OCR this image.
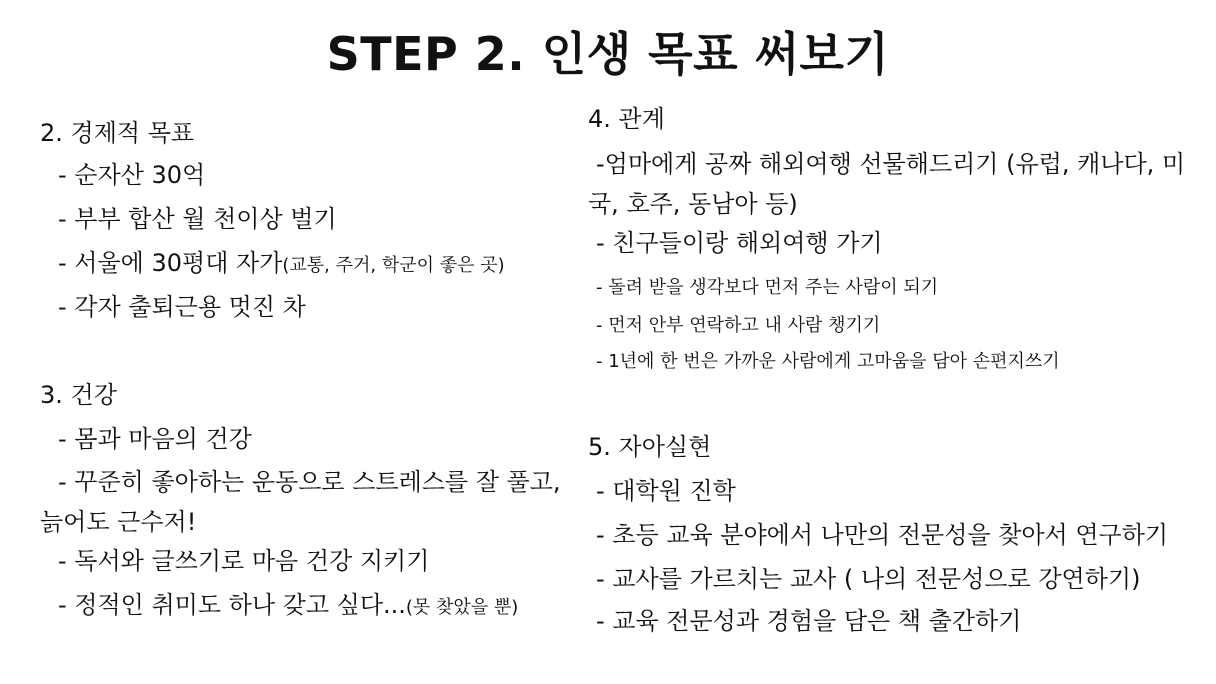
STEP 2. 인생 목표 써보기
2. 경제적 목표
- 순자산 30억
- 부부 합산 월 천이상 벌기
- 서울에 30평대 자가(교통, 주거, 학군이 좋은 곳)
- 각자 출퇴근용 멋진 차
3. 건강
- 몸과 마음의 건강
- 꾸준히 좋아하는 운동으로 스트레스를 잘 풀고, 늙어도 근수저!
- 독서와 글쓰기로 마음 건강 지키기
- 정적인 취미도 하나 갖고 싶다...(못 찾았을 뿐)
4. 관계
-엄마에게 공짜 해외여행 선물해드리기 (유럽, 캐나다, 미국, 호주, 동남아 등)
- 친구들이랑 해외여행 가기
- 돌려 받을 생각보다 먼저 주는 사람이 되기
- 먼저 안부 연락하고 내 사람 챙기기
- 1년에 한 번은 가까운 사람에게 고마움을 담아 손편지쓰기
5. 자아실현
- 대학원 진학
- 초등 교육 분야에서 나만의 전문성을 찾아서 연구하기
- 교사를 가르치는 교사 ( 나의 전문성으로 강연하기)
- 교육 전문성과 경험을 담은 책 출간하기
